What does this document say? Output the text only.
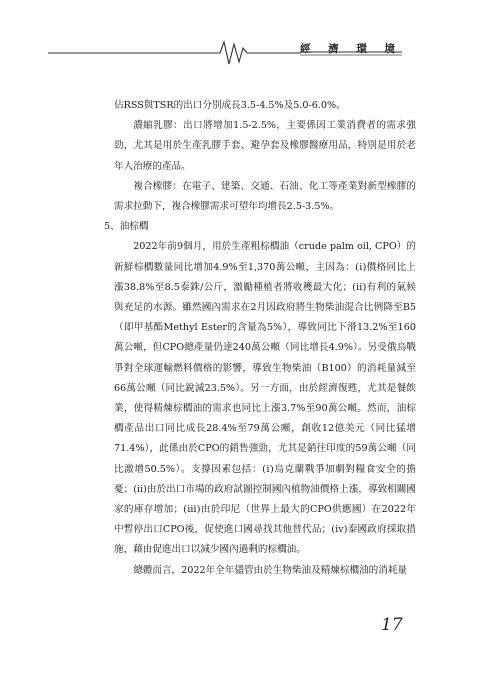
經 濟 環 境

佔RSS與TSR的出口分別成長3.5-4.5%及5.0-6.0%。

濃縮乳膠：出口將增加1.5-2.5%，主要係因工業消費者的需求強勁，尤其是用於生產乳膠手套、避孕套及橡膠醫療用品，特別是用於老年人治療的產品。

複合橡膠：在電子、建築、交通、石油、化工等產業對新型橡膠的需求拉動下，複合橡膠需求可望年均增長2.5-3.5%。

5、油棕櫚

2022年前9個月，用於生產粗棕櫚油（crude palm oil, CPO）的新鮮棕櫚數量同比增加4.9%至1,370萬公噸，主因為：(ⅰ)價格同比上漲38.8%至8.5泰銖/公斤，激勵種植者將收穫最大化；(ⅱ)有利的氣候與充足的水源。雖然國內需求在2月因政府將生物柴油混合比例降至B5（即甲基酯Methyl Ester的含量為5%），導致同比下滑13.2%至160萬公噸，但CPO總產量仍達240萬公噸（同比增長4.9%）。另受俄烏戰爭對全球運輸燃料價格的影響，導致生物柴油（B100）的消耗量減至66萬公噸（同比銳減23.5%）。另一方面，由於經濟復甦，尤其是餐飲業，使得精煉棕櫚油的需求也同比上漲3.7%至90萬公噸。然而，油棕櫚產品出口同比成長28.4%至79萬公噸，創收12億美元（同比猛增71.4%），此係由於CPO的銷售強勁，尤其是銷往印度的59萬公噸（同比激增50.5%）。支撐因素包括：(ⅰ)烏克蘭戰爭加劇對糧食安全的擔憂；(ⅱ)由於出口市場的政府試圖控制國內植物油價格上漲，導致相關國家的庫存增加；(ⅲ)由於印尼（世界上最大的CPO供應國）在2022年中暫停出口CPO後，促使進口國尋找其他替代品；(ⅳ)泰國政府採取措施，藉由促進出口以減少國內過剩的棕櫚油。

總體而言，2022年全年儘管由於生物柴油及精煉棕櫚油的消耗量

17
